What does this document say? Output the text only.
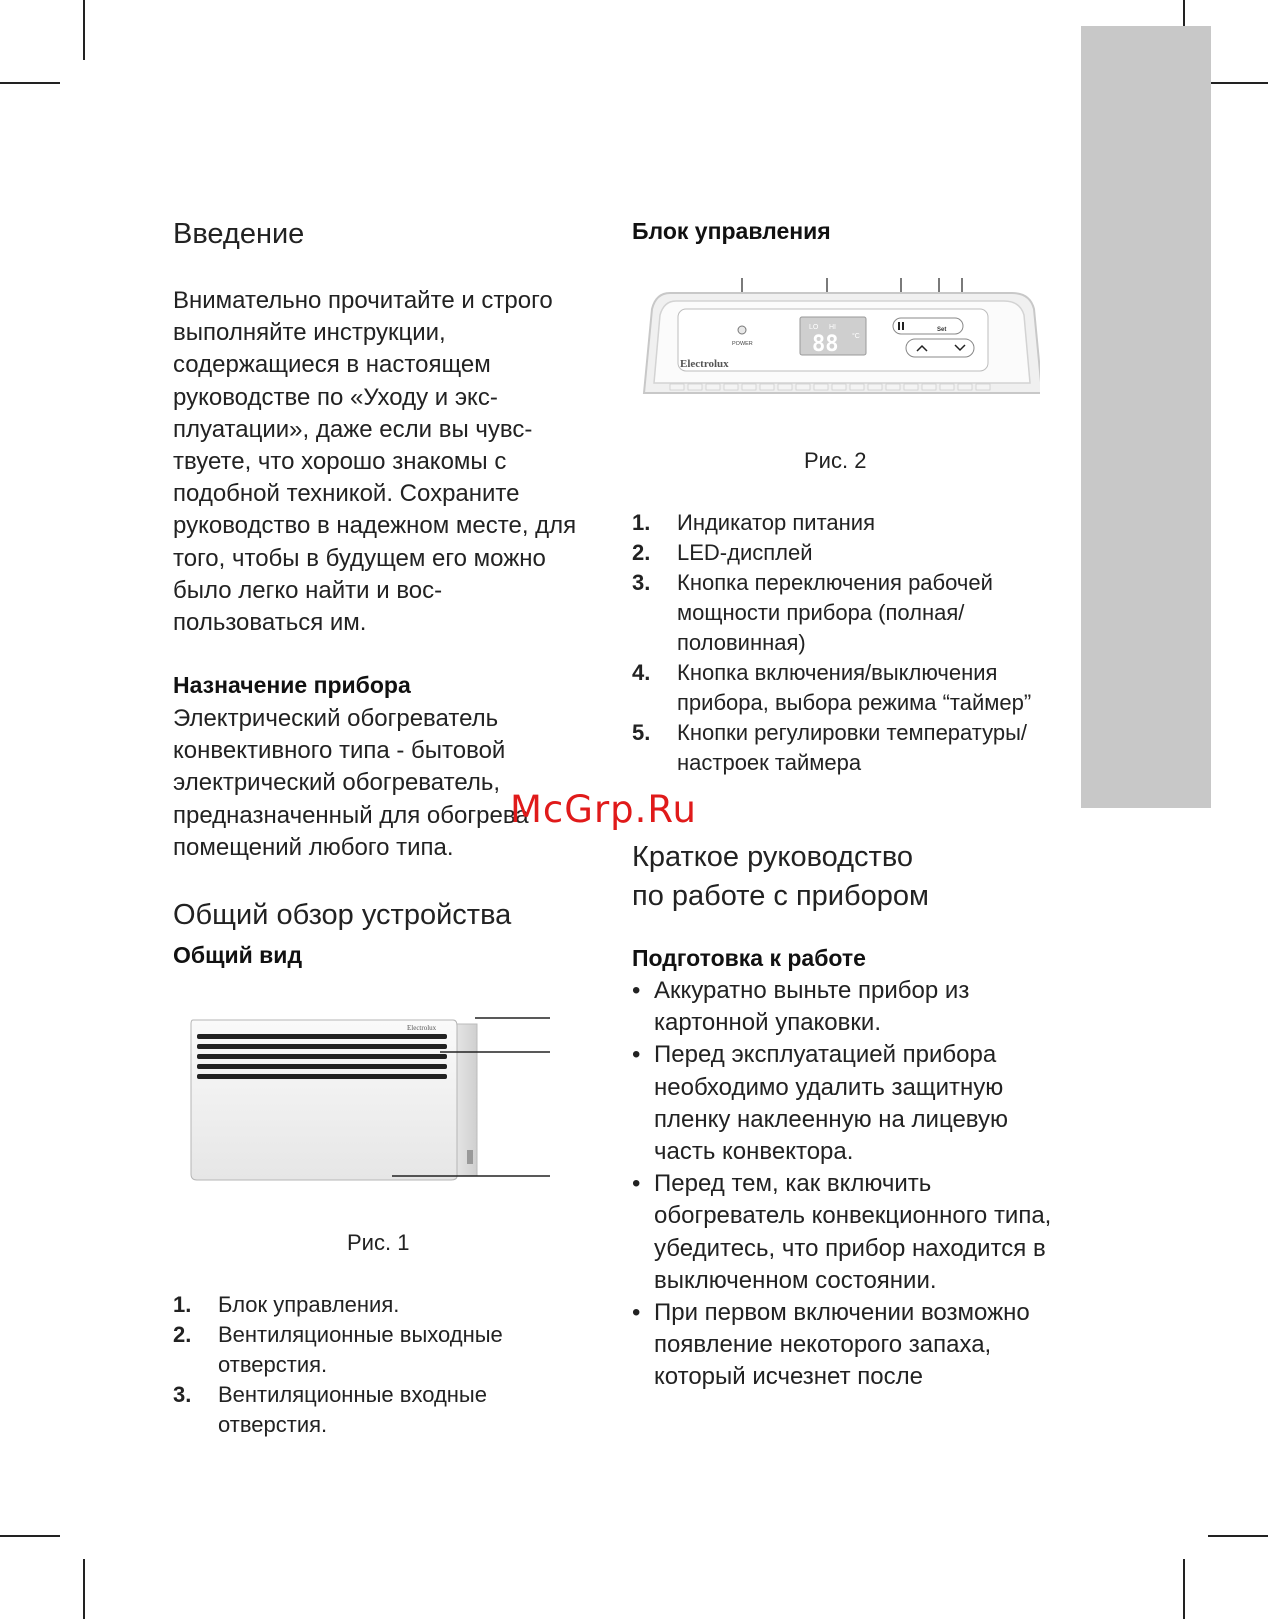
Введение

Внимательно прочитайте и строго выполняйте инструкции, содержащиеся в настоящем руководстве по «Уходу и эксплуатации», даже если вы чувствуете, что хорошо знакомы с подобной техникой. Сохраните руководство в надежном месте, для того, чтобы в будущем его можно было легко найти и воспользоваться им.

Назначение прибора

Электрический обогреватель конвективного типа - бытовой электрический обогреватель, предназначенный для обогрева помещений любого типа.

Общий обзор устройства
Общий вид
Electrolux
Рис. 1
1. Блок управления.
2. Вентиляционные выходные отверстия.
3. Вентиляционные входные отверстия.
Блок управления
POWER
LO HI
88 °C
Set
Electrolux
Рис. 2
1. Индикатор питания
2. LED-дисплей
3. Кнопка переключения рабочей мощности прибора (полная/ половинная)
4. Кнопка включения/выключения прибора, выбора режима “таймер”
5. Кнопки регулировки температуры/настроек таймера
McGrp.Ru
Краткое руководство
по работе с прибором
Подготовка к работе
• Аккуратно выньте прибор из картонной упаковки.
• Перед эксплуатацией прибора необходимо удалить защитную пленку наклеенную на лицевую часть конвектора.
• Перед тем, как включить обогреватель конвекционного типа, убедитесь, что прибор находится в выключенном состоянии.
• При первом включении возможно появление некоторого запаха, который исчезнет после
